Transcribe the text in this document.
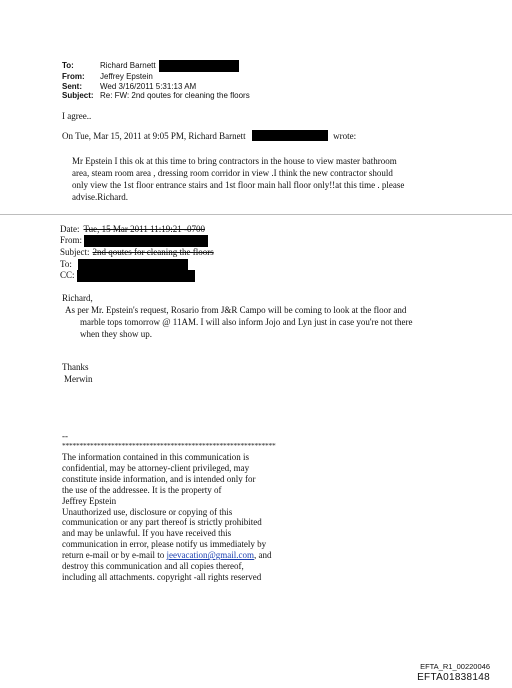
To:	Richard Barnett
From:	Jeffrey Epstein
Sent:	Wed 3/16/2011 5:31:13 AM
Subject: Re: FW: 2nd qoutes for cleaning the floors
I agree..
On Tue, Mar 15, 2011 at 9:05 PM, Richard Barnett	wrote:
Mr Epstein I this ok at this time to bring contractors in the house to view master bathroom
area, steam room area , dressing room corridor in view .I think the new contractor should
only view the 1st floor entrance stairs and 1st floor main hall floor only!!at this time . please
advise.Richard.
Date: Tue, 15 Mar 2011 11:19:21 -0700
From:
Subject: 2nd qoutes for cleaning the floors
To:
CC:
Richard,
As per Mr. Epstein's request, Rosario from J&R Campo will be coming to look at the floor and
marble tops tomorrow @ 11AM. I will also inform Jojo and Lyn just in case you're not there
when they show up.
Thanks
Merwin
--
*************************************************************
The information contained in this communication is
confidential, may be attorney-client privileged, may
constitute inside information, and is intended only for
the use of the addressee. It is the property of
Jeffrey Epstein
Unauthorized use, disclosure or copying of this
communication or any part thereof is strictly prohibited
and may be unlawful. If you have received this
communication in error, please notify us immediately by
return e-mail or by e-mail to jeevacation@gmail.com, and
destroy this communication and all copies thereof,
including all attachments. copyright -all rights reserved
EFTA_R1_00220046
EFTA01838148
